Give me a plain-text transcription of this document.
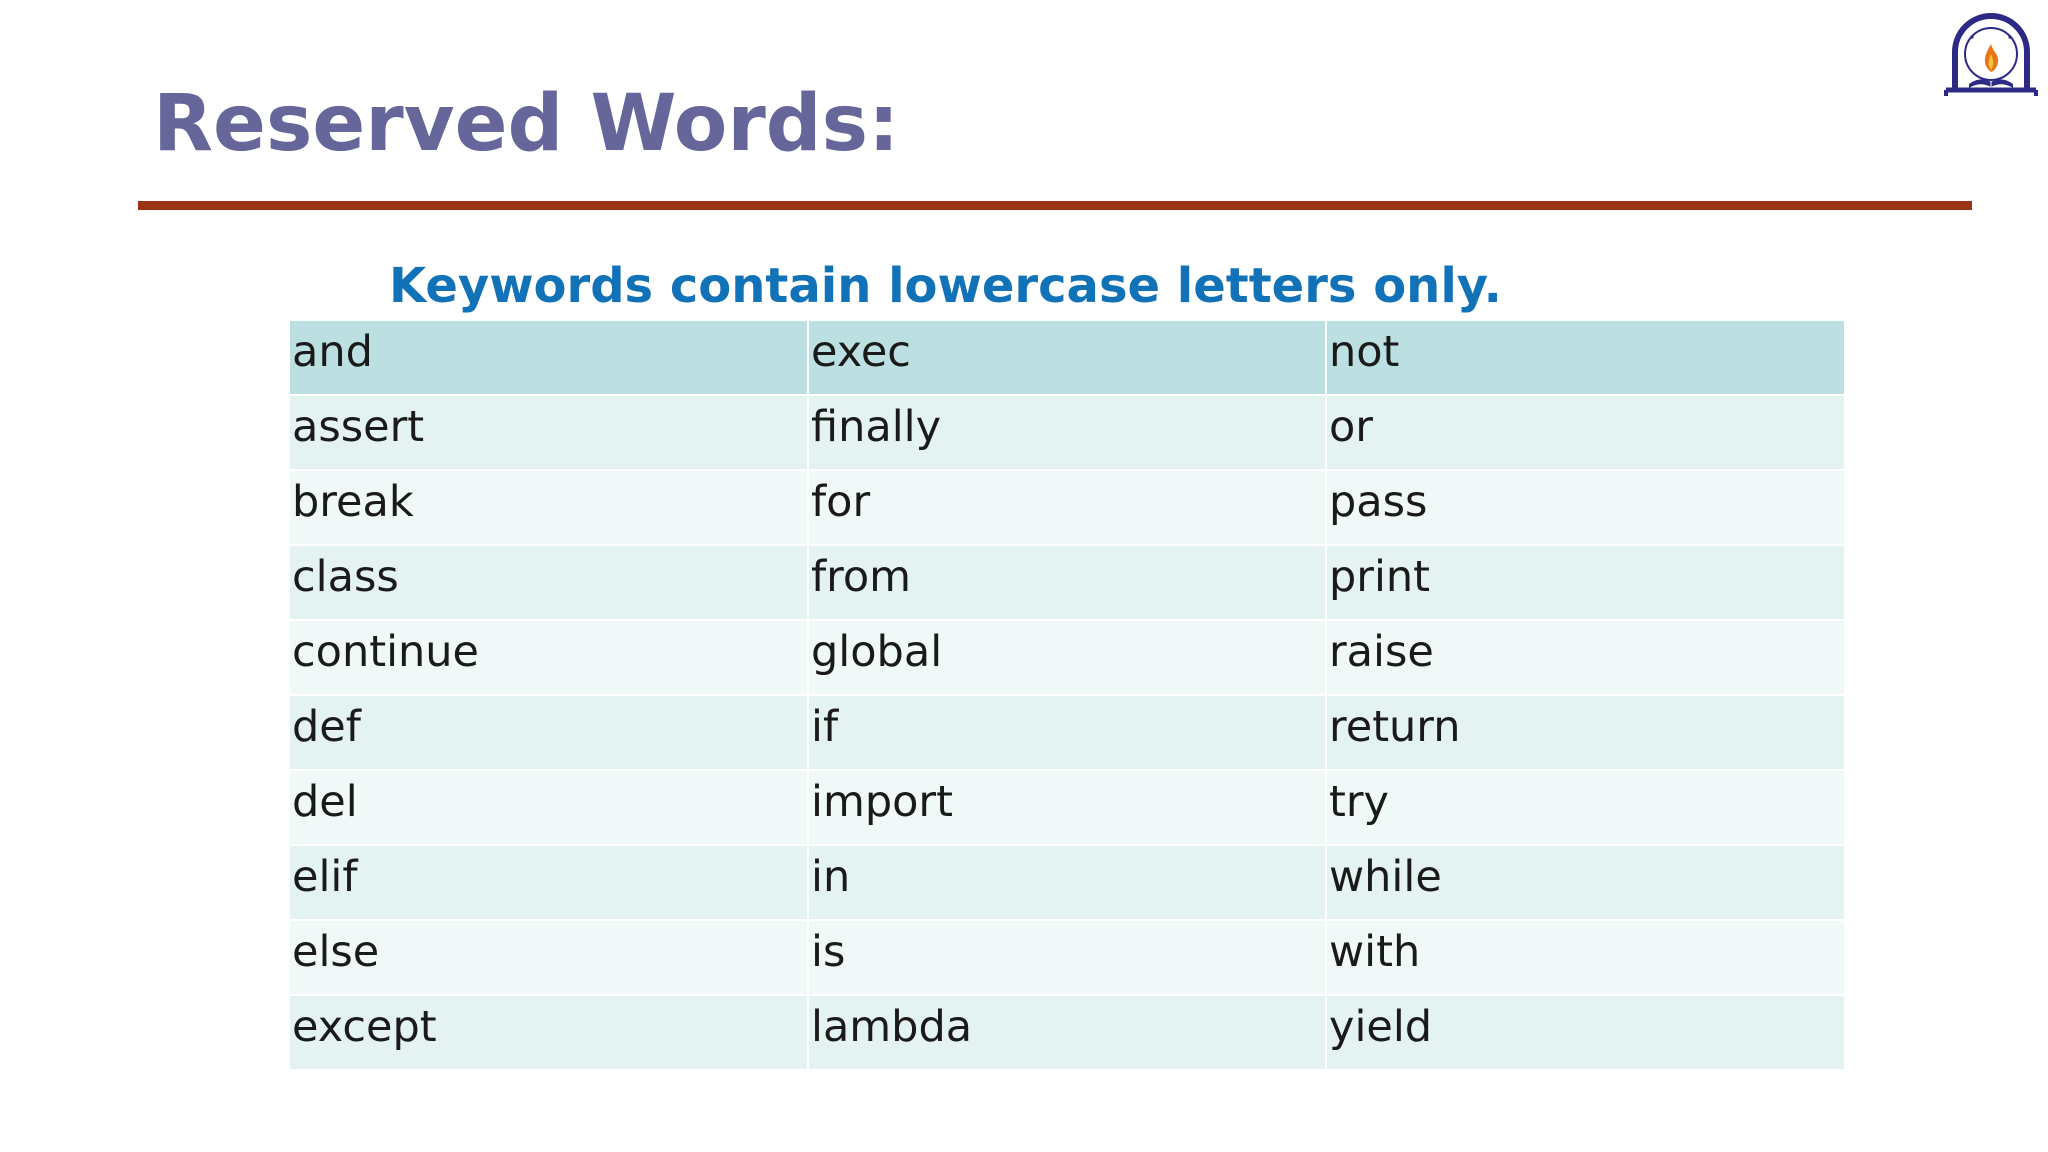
Reserved Words:

Keywords contain lowercase letters only.

and	exec	not
assert	finally	or
break	for	pass
class	from	print
continue	global	raise
def	if	return
del	import	try
elif	in	while
else	is	with
except	lambda	yield
